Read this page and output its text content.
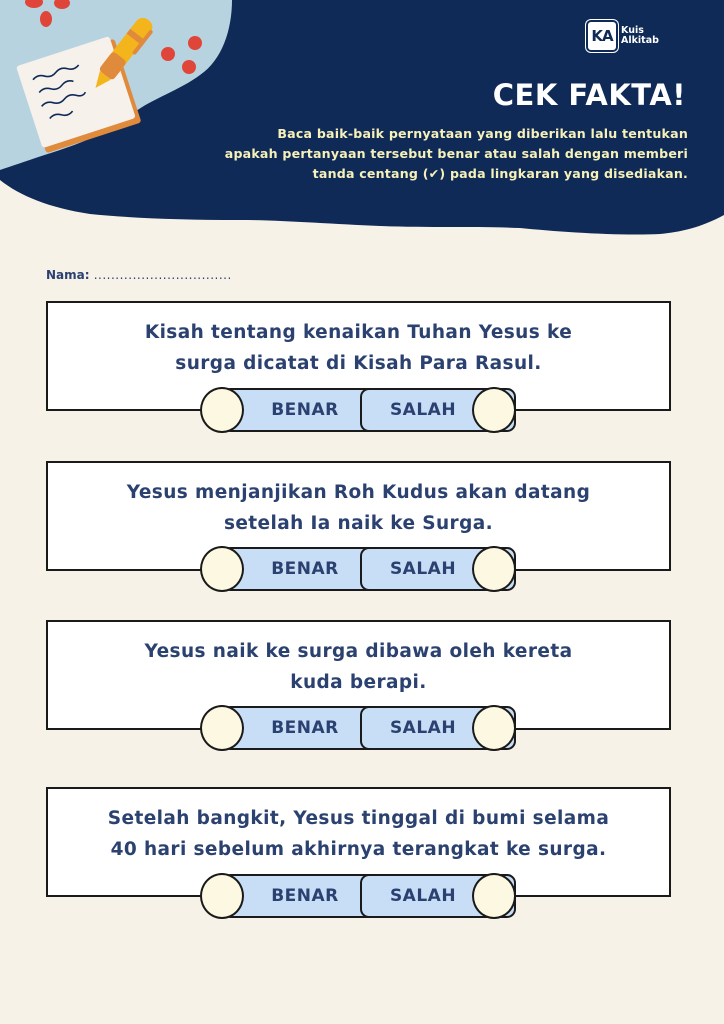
KA Kuis
Alkitab
CEK FAKTA!
Baca baik-baik pernyataan yang diberikan lalu tentukan
apakah pertanyaan tersebut benar atau salah dengan memberi
tanda centang (✔) pada lingkaran yang disediakan.
Nama: ................................
Kisah tentang kenaikan Tuhan Yesus ke
surga dicatat di Kisah Para Rasul.
BENAR	SALAH
Yesus menjanjikan Roh Kudus akan datang
setelah Ia naik ke Surga.
BENAR	SALAH
Yesus naik ke surga dibawa oleh kereta
kuda berapi.
BENAR	SALAH
Setelah bangkit, Yesus tinggal di bumi selama
40 hari sebelum akhirnya terangkat ke surga.
BENAR	SALAH
